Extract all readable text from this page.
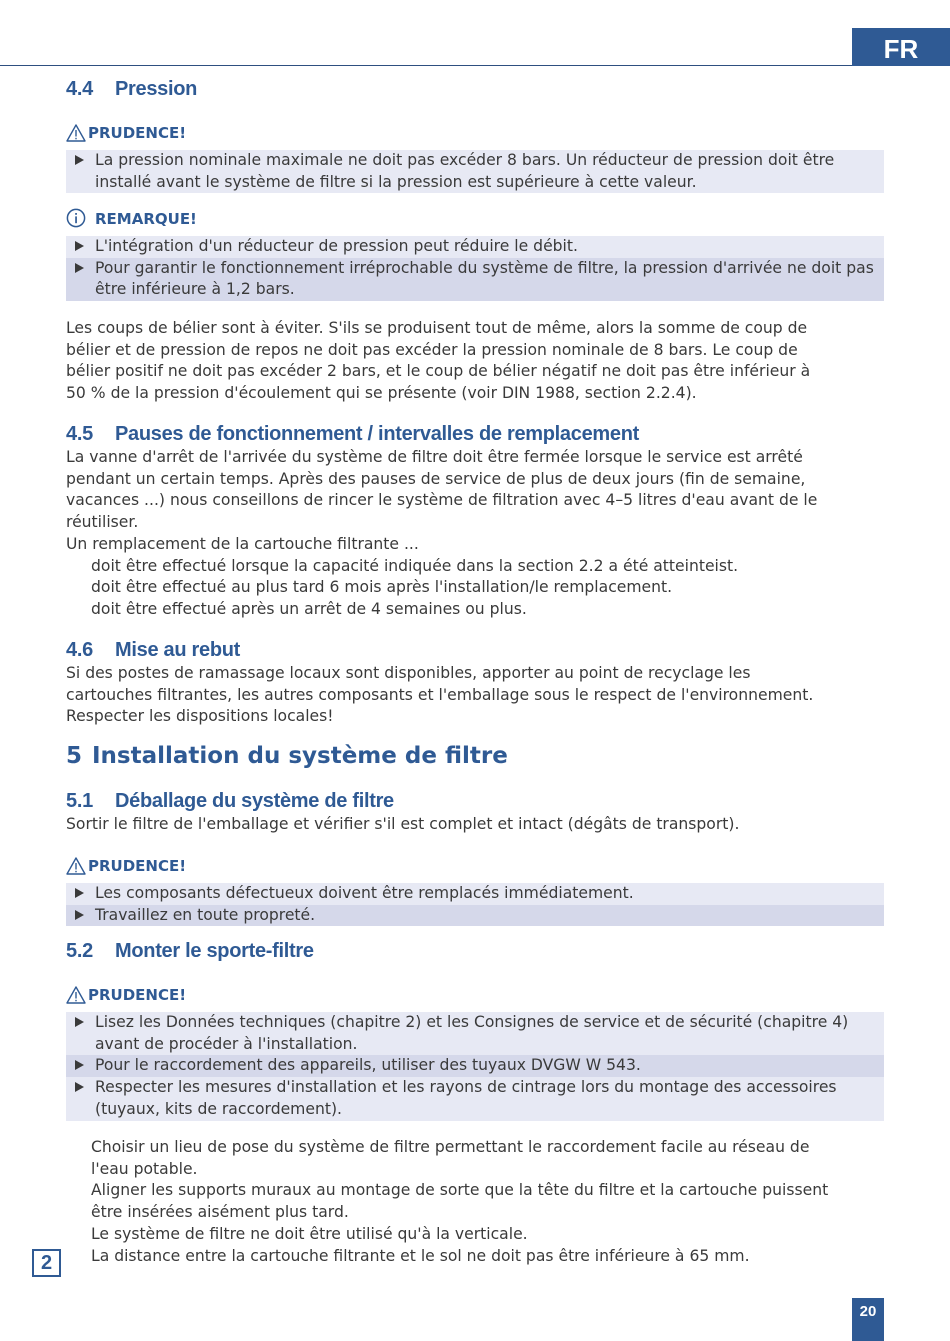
FR
4.4 Pression
PRUDENCE!
La pression nominale maximale ne doit pas excéder 8 bars. Un réducteur de pression doit être installé avant le système de filtre si la pression est supérieure à cette valeur.
REMARQUE!
L'intégration d'un réducteur de pression peut réduire le débit.
Pour garantir le fonctionnement irréprochable du système de filtre, la pression d'arrivée ne doit pas être inférieure à 1,2 bars.
Les coups de bélier sont à éviter. S'ils se produisent tout de même, alors la somme de coup de
bélier et de pression de repos ne doit pas excéder la pression nominale de 8 bars. Le coup de
bélier positif ne doit pas excéder 2 bars, et le coup de bélier négatif ne doit pas être inférieur à
50 % de la pression d'écoulement qui se présente (voir DIN 1988, section 2.2.4).
4.5 Pauses de fonctionnement / intervalles de remplacement
La vanne d'arrêt de l'arrivée du système de filtre doit être fermée lorsque le service est arrêté
pendant un certain temps. Après des pauses de service de plus de deux jours (fin de semaine,
vacances ...) nous conseillons de rincer le système de filtration avec 4–5 litres d'eau avant de le
réutiliser.
Un remplacement de la cartouche filtrante ...
doit être effectué lorsque la capacité indiquée dans la section 2.2 a été atteinteist.
doit être effectué au plus tard 6 mois après l'installation/le remplacement.
doit être effectué après un arrêt de 4 semaines ou plus.
4.6 Mise au rebut
Si des postes de ramassage locaux sont disponibles, apporter au point de recyclage les
cartouches filtrantes, les autres composants et l'emballage sous le respect de l'environnement.
Respecter les dispositions locales!
5 Installation du système de filtre
5.1 Déballage du système de filtre
Sortir le filtre de l'emballage et vérifier s'il est complet et intact (dégâts de transport).
PRUDENCE!
Les composants défectueux doivent être remplacés immédiatement.
Travaillez en toute propreté.
5.2 Monter le sporte-filtre
PRUDENCE!
Lisez les Données techniques (chapitre 2) et les Consignes de service et de sécurité (chapitre 4) avant de procéder à l'installation.
Pour le raccordement des appareils, utiliser des tuyaux DVGW W 543.
Respecter les mesures d'installation et les rayons de cintrage lors du montage des accessoires (tuyaux, kits de raccordement).
Choisir un lieu de pose du système de filtre permettant le raccordement facile au réseau de
l'eau potable.
Aligner les supports muraux au montage de sorte que la tête du filtre et la cartouche puissent
être insérées aisément plus tard.
Le système de filtre ne doit être utilisé qu'à la verticale.
La distance entre la cartouche filtrante et le sol ne doit pas être inférieure à 65 mm.
2
20
